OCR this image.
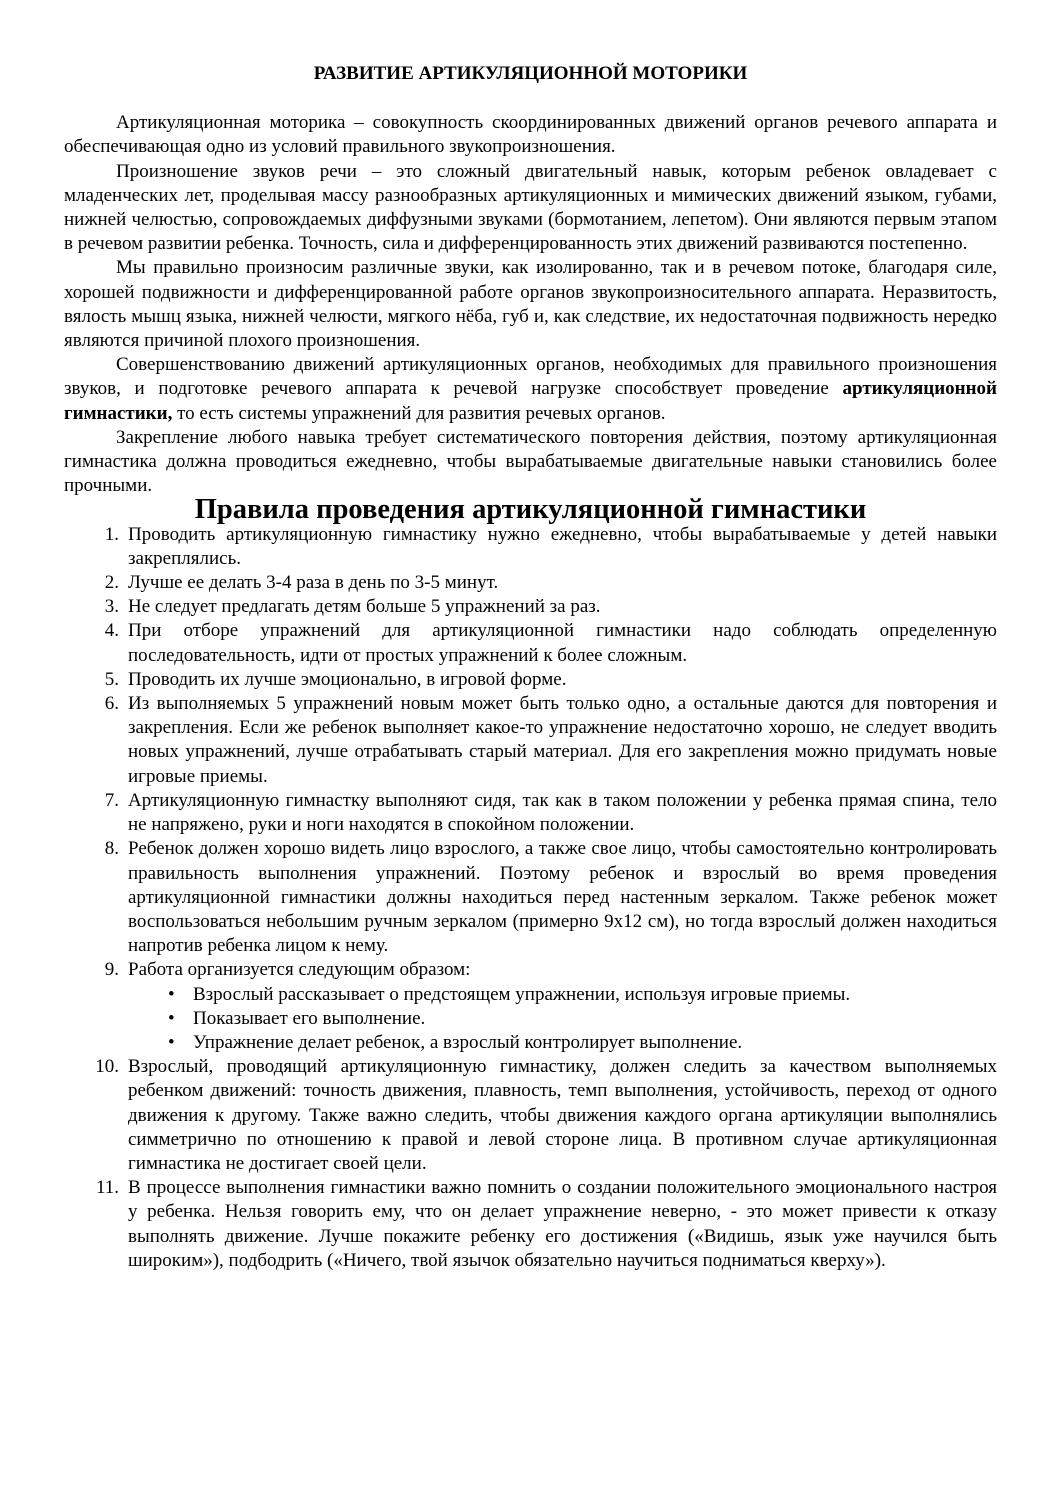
РАЗВИТИЕ АРТИКУЛЯЦИОННОЙ МОТОРИКИ

Артикуляционная моторика – совокупность скоординированных движений органов речевого аппарата и обеспечивающая одно из условий правильного звукопроизношения.

Произношение звуков речи – это сложный двигательный навык, которым ребенок овладевает с младенческих лет, проделывая массу разнообразных артикуляционных и мимических движений языком, губами, нижней челюстью, сопровождаемых диффузными звуками (бормотанием, лепетом). Они являются первым этапом в речевом развитии ребенка. Точность, сила и дифференцированность этих движений развиваются постепенно.

Мы правильно произносим различные звуки, как изолированно, так и в речевом потоке, благодаря силе, хорошей подвижности и дифференцированной работе органов звукопроизносительного аппарата. Неразвитость, вялость мышц языка, нижней челюсти, мягкого нёба, губ и, как следствие, их недостаточная подвижность нередко являются причиной плохого произношения.

Совершенствованию движений артикуляционных органов, необходимых для правильного произношения звуков, и подготовке речевого аппарата к речевой нагрузке способствует проведение артикуляционной гимнастики, то есть системы упражнений для развития речевых органов.

Закрепление любого навыка требует систематического повторения действия, поэтому артикуляционная гимнастика должна проводиться ежедневно, чтобы вырабатываемые двигательные навыки становились более прочными.

Правила проведения артикуляционной гимнастики
1. Проводить артикуляционную гимнастику нужно ежедневно, чтобы вырабатываемые у детей навыки закреплялись.
2. Лучше ее делать 3-4 раза в день по 3-5 минут.
3. Не следует предлагать детям больше 5 упражнений за раз.
4. При отборе упражнений для артикуляционной гимнастики надо соблюдать определенную последовательность, идти от простых упражнений к более сложным.
5. Проводить их лучше эмоционально, в игровой форме.
6. Из выполняемых 5 упражнений новым может быть только одно, а остальные даются для повторения и закрепления. Если же ребенок выполняет какое-то упражнение недостаточно хорошо, не следует вводить новых упражнений, лучше отрабатывать старый материал. Для его закрепления можно придумать новые игровые приемы.
7. Артикуляционную гимнастку выполняют сидя, так как в таком положении у ребенка прямая спина, тело не напряжено, руки и ноги находятся в спокойном положении.
8. Ребенок должен хорошо видеть лицо взрослого, а также свое лицо, чтобы самостоятельно контролировать правильность выполнения упражнений. Поэтому ребенок и взрослый во время проведения артикуляционной гимнастики должны находиться перед настенным зеркалом. Также ребенок может воспользоваться небольшим ручным зеркалом (примерно 9х12 см), но тогда взрослый должен находиться напротив ребенка лицом к нему.
9. Работа организуется следующим образом:
• Взрослый рассказывает о предстоящем упражнении, используя игровые приемы.
• Показывает его выполнение.
• Упражнение делает ребенок, а взрослый контролирует выполнение.
10. Взрослый, проводящий артикуляционную гимнастику, должен следить за качеством выполняемых ребенком движений: точность движения, плавность, темп выполнения, устойчивость, переход от одного движения к другому. Также важно следить, чтобы движения каждого органа артикуляции выполнялись симметрично по отношению к правой и левой стороне лица. В противном случае артикуляционная гимнастика не достигает своей цели.
11. В процессе выполнения гимнастики важно помнить о создании положительного эмоционального настроя у ребенка. Нельзя говорить ему, что он делает упражнение неверно, - это может привести к отказу выполнять движение. Лучше покажите ребенку его достижения («Видишь, язык уже научился быть широким»), подбодрить («Ничего, твой язычок обязательно научиться подниматься кверху»).
